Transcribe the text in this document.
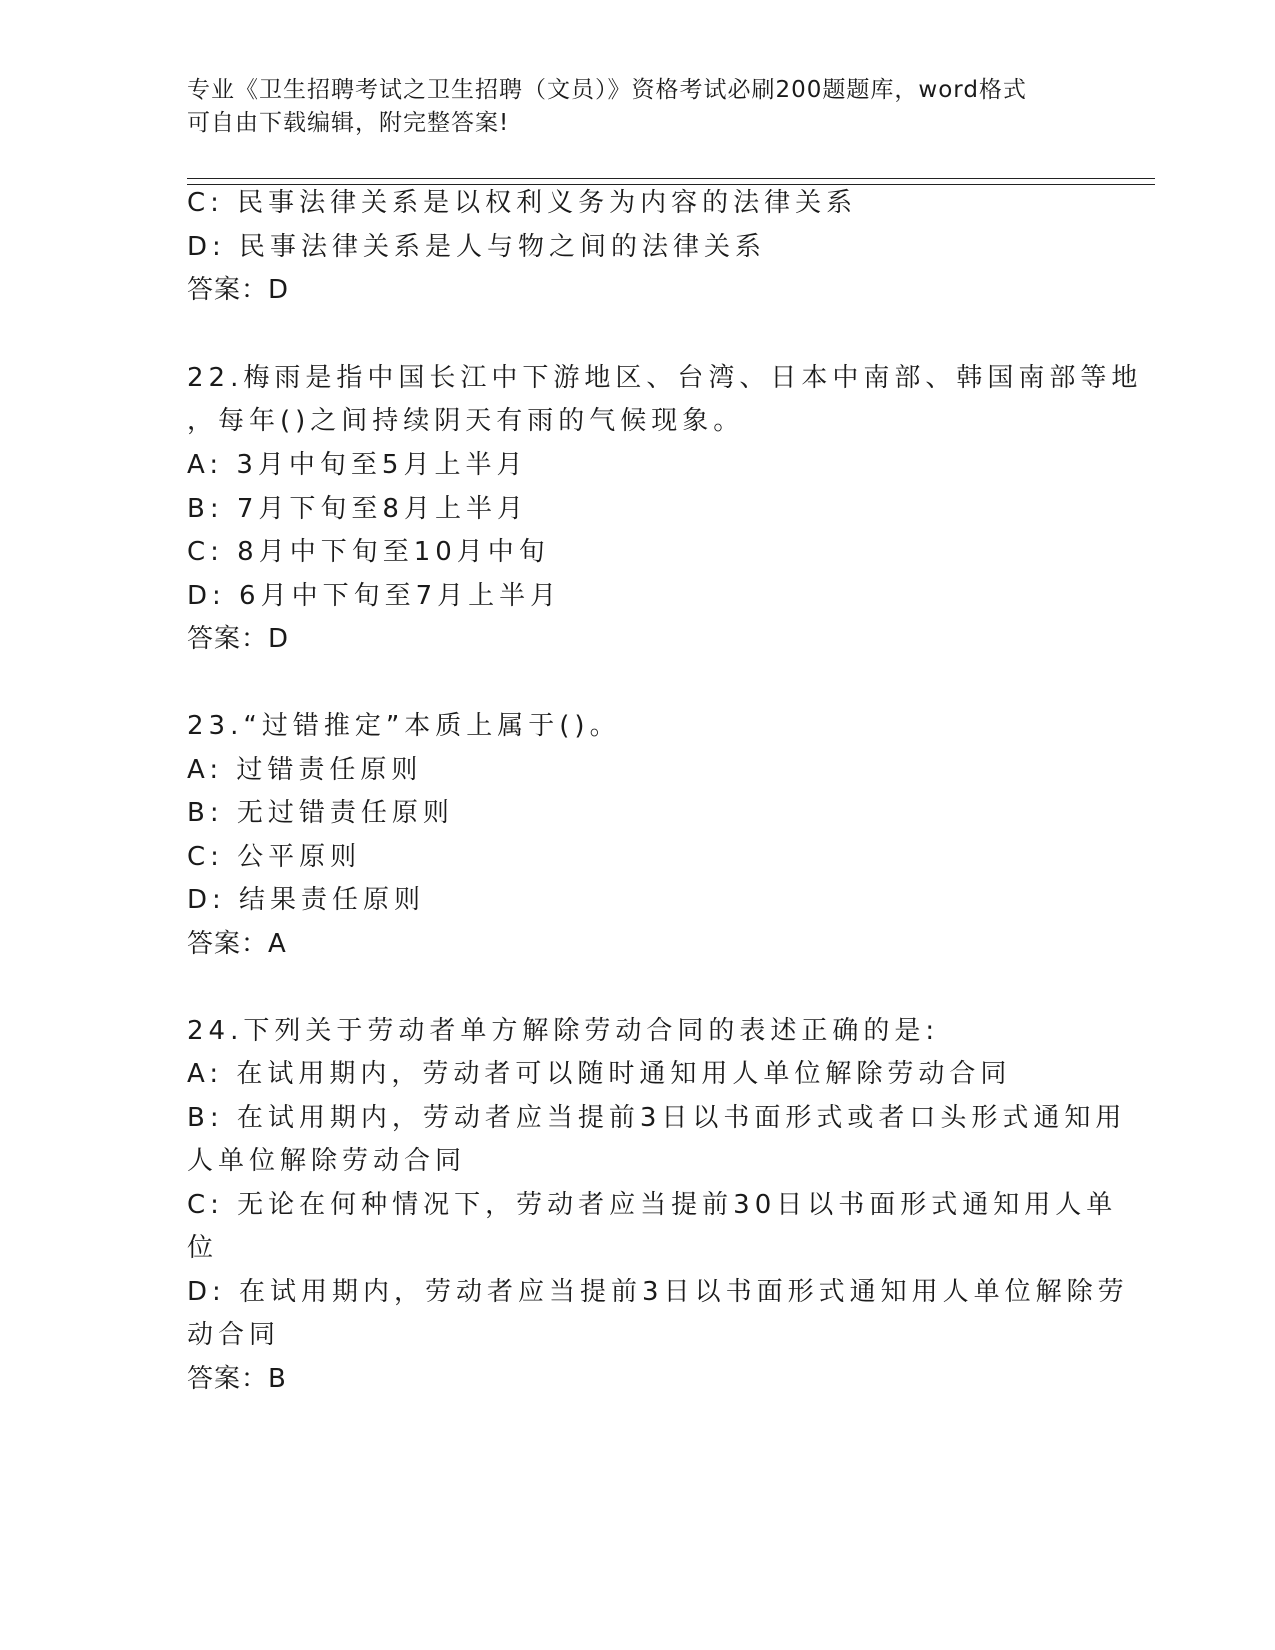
专业《卫生招聘考试之卫生招聘（文员）》资格考试必刷200题题库，word格式
可自由下载编辑，附完整答案!
C: 民事法律关系是以权利义务为内容的法律关系
D: 民事法律关系是人与物之间的法律关系
答案：D
22.梅雨是指中国长江中下游地区、台湾、日本中南部、韩国南部等地
，每年()之间持续阴天有雨的气候现象。
A: 3月中旬至5月上半月
B: 7月下旬至8月上半月
C: 8月中下旬至10月中旬
D: 6月中下旬至7月上半月
答案：D
23.“过错推定”本质上属于()。
A: 过错责任原则
B: 无过错责任原则
C: 公平原则
D: 结果责任原则
答案：A
24.下列关于劳动者单方解除劳动合同的表述正确的是:
A: 在试用期内，劳动者可以随时通知用人单位解除劳动合同
B: 在试用期内，劳动者应当提前3日以书面形式或者口头形式通知用
人单位解除劳动合同
C: 无论在何种情况下，劳动者应当提前30日以书面形式通知用人单
位
D: 在试用期内，劳动者应当提前3日以书面形式通知用人单位解除劳
动合同
答案：B
